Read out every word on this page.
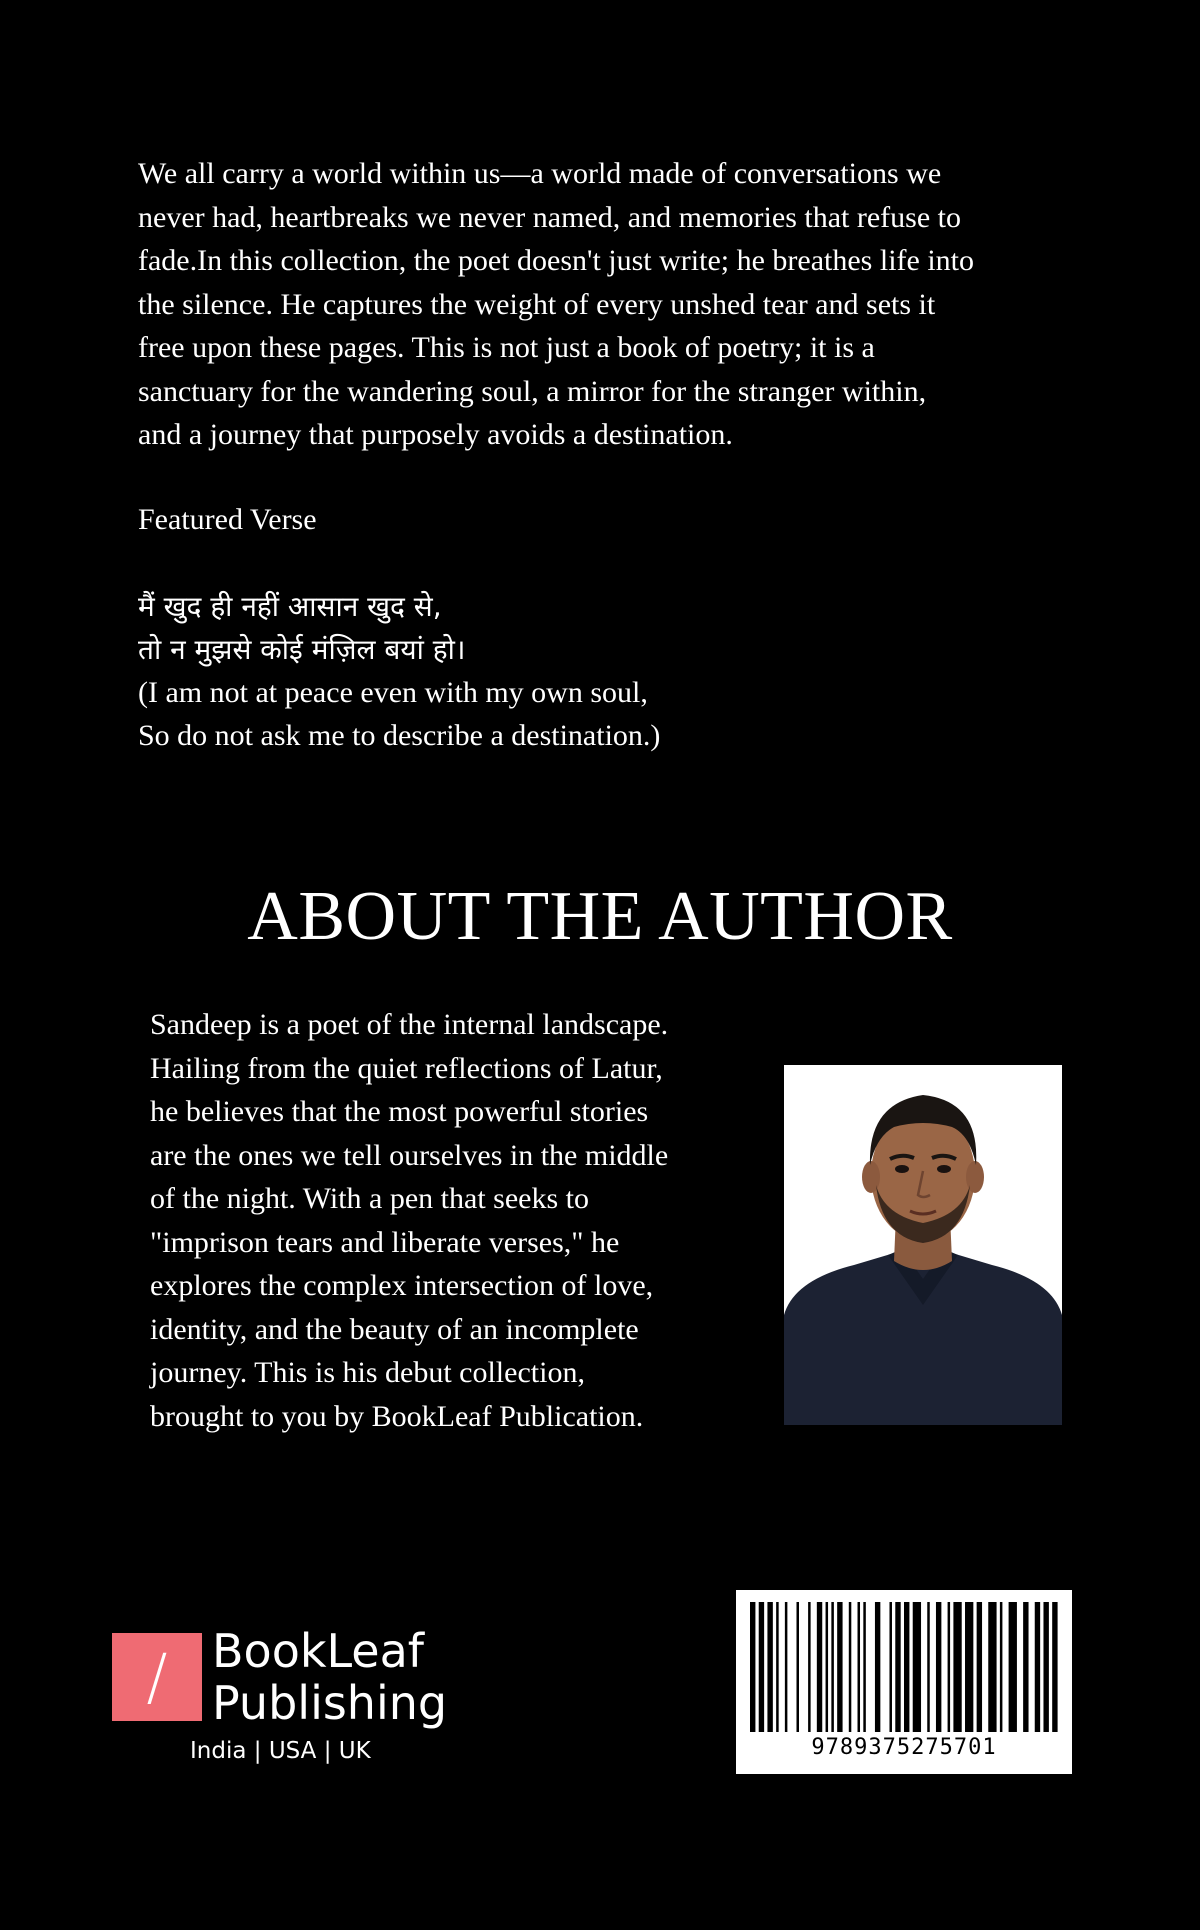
We all carry a world within us—a world made of conversations we
never had, heartbreaks we never named, and memories that refuse to
fade.In this collection, the poet doesn't just write; he breathes life into
the silence. He captures the weight of every unshed tear and sets it
free upon these pages. This is not just a book of poetry; it is a
sanctuary for the wandering soul, a mirror for the stranger within,
and a journey that purposely avoids a destination.
Featured Verse
मैं खुद ही नहीं आसान खुद से,
तो न मुझसे कोई मंज़िल बयां हो।
(I am not at peace even with my own soul,
So do not ask me to describe a destination.)
ABOUT THE AUTHOR
Sandeep is a poet of the internal landscape.
Hailing from the quiet reflections of Latur,
he believes that the most powerful stories
are the ones we tell ourselves in the middle
of the night. With a pen that seeks to
"imprison tears and liberate verses," he
explores the complex intersection of love,
identity, and the beauty of an incomplete
journey. This is his debut collection,
brought to you by BookLeaf Publication.
/ BookLeaf
Publishing
India | USA | UK	9789375275701
